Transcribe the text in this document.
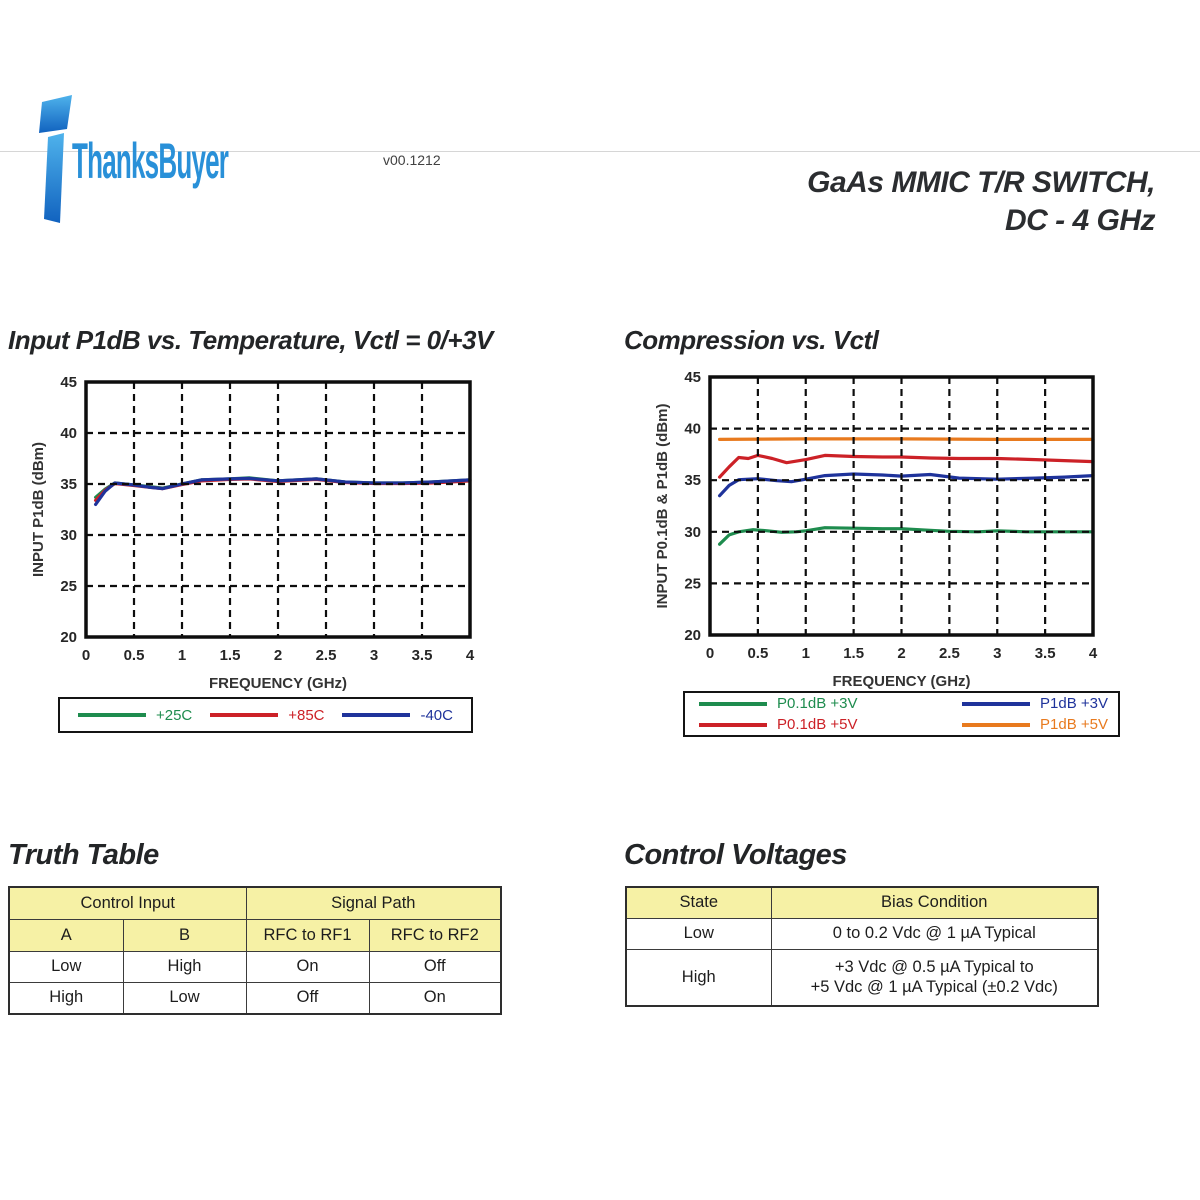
ThanksBuyer	v00.1212
GaAs MMIC T/R SWITCH,
DC - 4 GHz
Input P1dB vs. Temperature, Vctl = 0/+3V	Compression vs. Vctl
0 0.5 1 1.5 2 2.5 3 3.5 4
20
25
30
35
40
45
FREQUENCY (GHz)
INPUT P1dB (dBm)
0 0.5 1 1.5 2 2.5 3 3.5 4
20
25
30
35
40
45
FREQUENCY (GHz)
INPUT P0.1dB & P1dB (dBm)
+25C	+85C	-40C
P0.1dB +3V
P0.1dB +5V
P1dB +3V
P1dB +5V
Truth Table
Control Input		Signal Path	
A	B	RFC to RF1	RFC to RF2
Low	High	On	Off
High	Low	Off	On
Control Voltages
State	Bias Condition
Low	0 to 0.2 Vdc @ 1 µA Typical
High	+3 Vdc @ 0.5 µA Typical to
+5 Vdc @ 1 µA Typical (±0.2 Vdc)
